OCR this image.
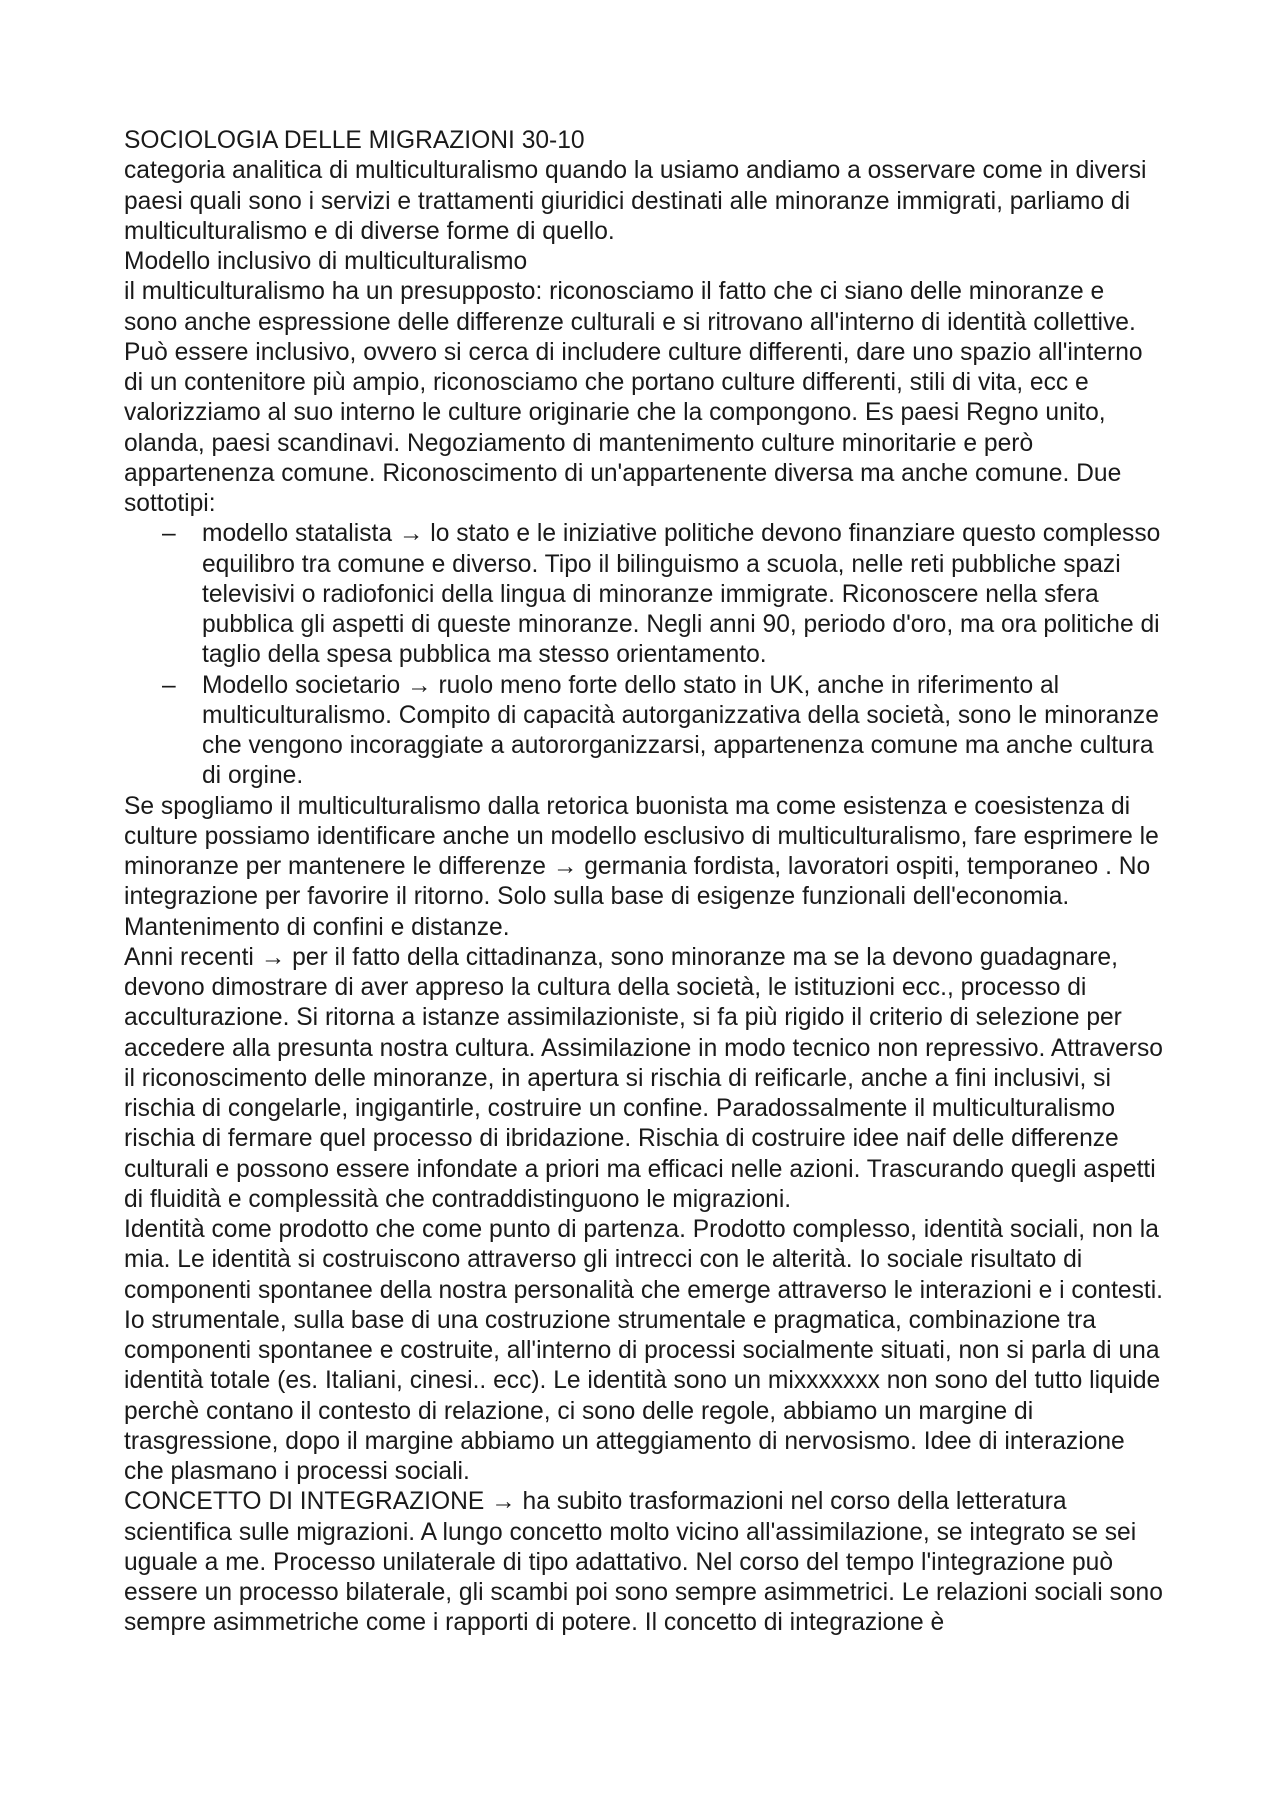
SOCIOLOGIA DELLE MIGRAZIONI 30-10

categoria analitica di multiculturalismo quando la usiamo andiamo a osservare come in diversi paesi quali sono i servizi e trattamenti giuridici destinati alle minoranze immigrati, parliamo di multiculturalismo e di diverse forme di quello.

Modello inclusivo di multiculturalismo

il multiculturalismo ha un presupposto: riconosciamo il fatto che ci siano delle minoranze e sono anche espressione delle differenze culturali e si ritrovano all'interno di identità collettive. Può essere inclusivo, ovvero si cerca di includere culture differenti, dare uno spazio all'interno di un contenitore più ampio, riconosciamo che portano culture differenti, stili di vita, ecc e valorizziamo al suo interno le culture originarie che la compongono. Es paesi Regno unito, olanda, paesi scandinavi. Negoziamento di mantenimento culture minoritarie e però appartenenza comune. Riconoscimento di un'appartenente diversa ma anche comune. Due sottotipi:

– modello statalista → lo stato e le iniziative politiche devono finanziare questo complesso equilibro tra comune e diverso. Tipo il bilinguismo a scuola, nelle reti pubbliche spazi televisivi o radiofonici della lingua di minoranze immigrate. Riconoscere nella sfera pubblica gli aspetti di queste minoranze. Negli anni 90, periodo d'oro, ma ora politiche di taglio della spesa pubblica ma stesso orientamento.
– Modello societario → ruolo meno forte dello stato in UK, anche in riferimento al multiculturalismo. Compito di capacità autorganizzativa della società, sono le minoranze che vengono incoraggiate a autororganizzarsi, appartenenza comune ma anche cultura di orgine.

Se spogliamo il multiculturalismo dalla retorica buonista ma come esistenza e coesistenza di culture possiamo identificare anche un modello esclusivo di multiculturalismo, fare esprimere le minoranze per mantenere le differenze → germania fordista, lavoratori ospiti, temporaneo . No integrazione per favorire il ritorno. Solo sulla base di esigenze funzionali dell'economia. Mantenimento di confini e distanze.

Anni recenti → per il fatto della cittadinanza, sono minoranze ma se la devono guadagnare, devono dimostrare di aver appreso la cultura della società, le istituzioni ecc., processo di acculturazione. Si ritorna a istanze assimilazioniste, si fa più rigido il criterio di selezione per accedere alla presunta nostra cultura. Assimilazione in modo tecnico non repressivo. Attraverso il riconoscimento delle minoranze, in apertura si rischia di reificarle, anche a fini inclusivi, si rischia di congelarle, ingigantirle, costruire un confine. Paradossalmente il multiculturalismo rischia di fermare quel processo di ibridazione. Rischia di costruire idee naif delle differenze culturali e possono essere infondate a priori ma efficaci nelle azioni. Trascurando quegli aspetti di fluidità e complessità che contraddistinguono le migrazioni.

Identità come prodotto che come punto di partenza. Prodotto complesso, identità sociali, non la mia. Le identità si costruiscono attraverso gli intrecci con le alterità. Io sociale risultato di componenti spontanee della nostra personalità che emerge attraverso le interazioni e i contesti. Io strumentale, sulla base di una costruzione strumentale e pragmatica, combinazione tra componenti spontanee e costruite, all'interno di processi socialmente situati, non si parla di una identità totale (es. Italiani, cinesi.. ecc). Le identità sono un mixxxxxxx non sono del tutto liquide perchè contano il contesto di relazione, ci sono delle regole, abbiamo un margine di trasgressione, dopo il margine abbiamo un atteggiamento di nervosismo. Idee di interazione che plasmano i processi sociali.

CONCETTO DI INTEGRAZIONE → ha subito trasformazioni nel corso della letteratura scientifica sulle migrazioni. A lungo concetto molto vicino all'assimilazione, se integrato se sei uguale a me. Processo unilaterale di tipo adattativo. Nel corso del tempo l'integrazione può essere un processo bilaterale, gli scambi poi sono sempre asimmetrici. Le relazioni sociali sono sempre asimmetriche come i rapporti di potere. Il concetto di integrazione è
